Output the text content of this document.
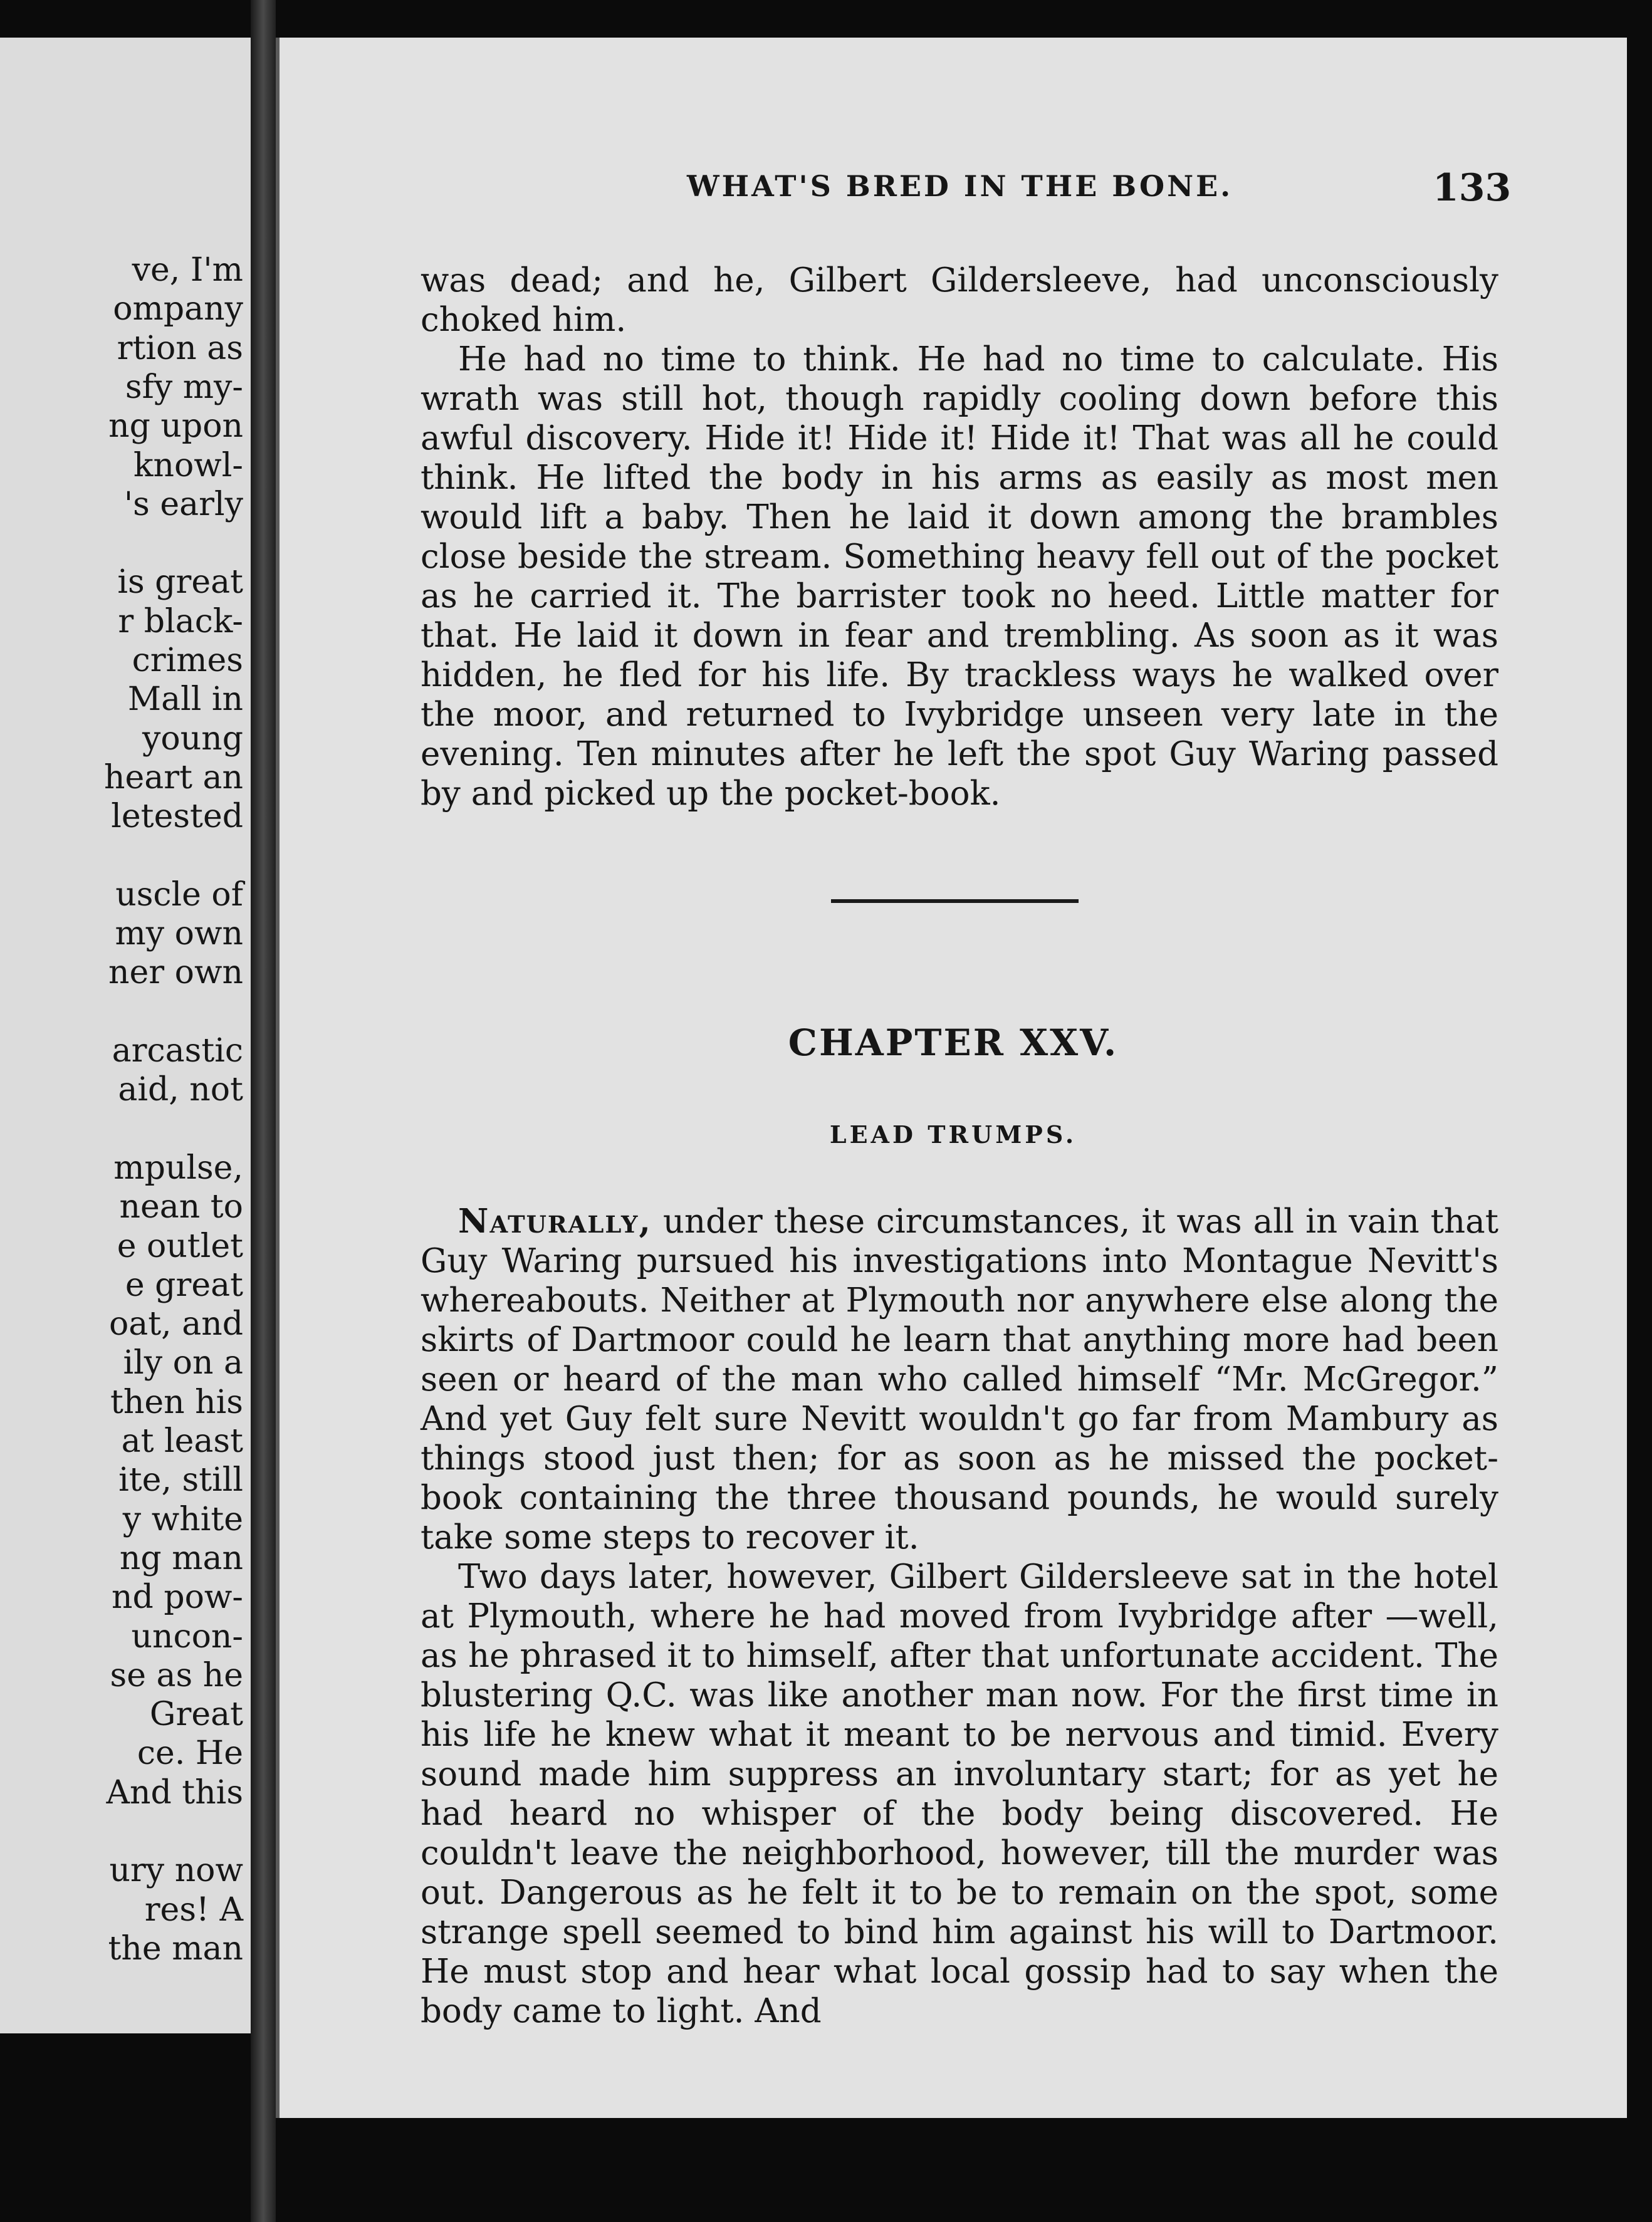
ve, I'm
ompany
rtion as
sfy my-
ng upon
knowl-
's early
is great
r black-
crimes
Mall in
young
heart an
letested
uscle of
my own
ner own
arcastic
aid, not
mpulse,
nean to
e outlet
e great
oat, and
ily on a
then his
at least
ite, still
y white
ng man
nd pow-
uncon-
se as he
Great
ce. He
And this
ury now
res! A
the man
WHAT'S BRED IN THE BONE.	133

was dead; and he, Gilbert Gildersleeve, had unconsciously choked him.

He had no time to think. He had no time to calculate. His wrath was still hot, though rapidly cooling down before this awful discovery. Hide it! Hide it! Hide it! That was all he could think. He lifted the body in his arms as easily as most men would lift a baby. Then he laid it down among the brambles close beside the stream. Something heavy fell out of the pocket as he carried it. The barrister took no heed. Little matter for that. He laid it down in fear and trembling. As soon as it was hidden, he fled for his life. By trackless ways he walked over the moor, and returned to Ivybridge unseen very late in the evening. Ten minutes after he left the spot Guy Waring passed by and picked up the pocket-book.

CHAPTER XXV.
LEAD TRUMPS.

Naturally, under these circumstances, it was all in vain that Guy Waring pursued his investigations into Montague Nevitt's whereabouts. Neither at Plymouth nor anywhere else along the skirts of Dartmoor could he learn that anything more had been seen or heard of the man who called himself “Mr. McGregor.” And yet Guy felt sure Nevitt wouldn't go far from Mambury as things stood just then; for as soon as he missed the pocket-book containing the three thousand pounds, he would surely take some steps to recover it.

Two days later, however, Gilbert Gildersleeve sat in the hotel at Plymouth, where he had moved from Ivybridge after —well, as he phrased it to himself, after that unfortunate accident. The blustering Q.C. was like another man now. For the first time in his life he knew what it meant to be nervous and timid. Every sound made him suppress an involuntary start; for as yet he had heard no whisper of the body being discovered. He couldn't leave the neighborhood, however, till the murder was out. Dangerous as he felt it to be to remain on the spot, some strange spell seemed to bind him against his will to Dartmoor. He must stop and hear what local gossip had to say when the body came to light. And
